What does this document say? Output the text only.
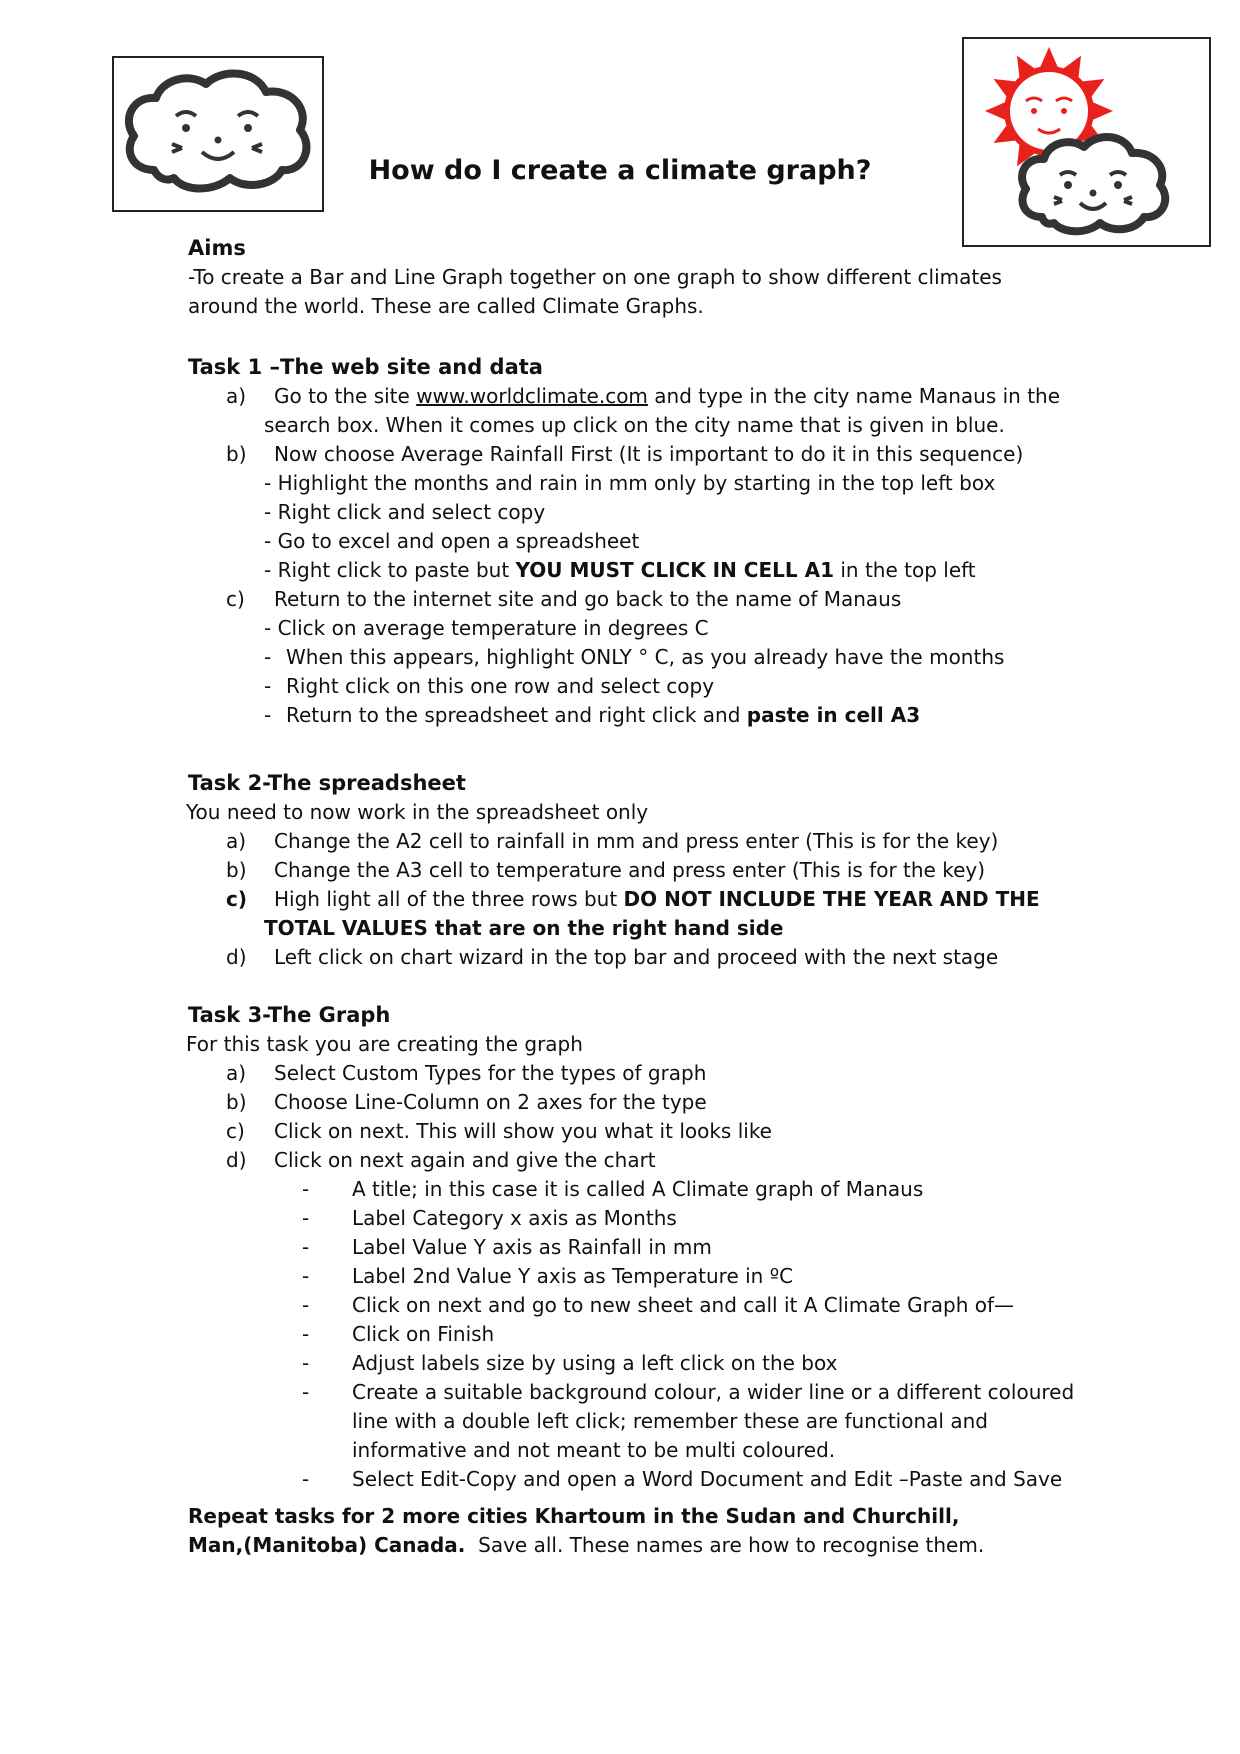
How do I create a climate graph?

Aims

-To create a Bar and Line Graph together on one graph to show different climates

around the world. These are called Climate Graphs.

Task 1 –The web site and data

a)	Go to the site www.worldclimate.com and type in the city name Manaus in the
search box. When it comes up click on the city name that is given in blue.
b)	Now choose Average Rainfall First (It is important to do it in this sequence)
- Highlight the months and rain in mm only by starting in the top left box
- Right click and select copy
- Go to excel and open a spreadsheet
- Right click to paste but YOU MUST CLICK IN CELL A1 in the top left
c)	Return to the internet site and go back to the name of Manaus
- Click on average temperature in degrees C
- When this appears, highlight ONLY ° C, as you already have the months
- Right click on this one row and select copy
- Return to the spreadsheet and right click and paste in cell A3

Task 2-The spreadsheet

You need to now work in the spreadsheet only

a)	Change the A2 cell to rainfall in mm and press enter (This is for the key)
b)	Change the A3 cell to temperature and press enter (This is for the key)
c)	High light all of the three rows but DO NOT INCLUDE THE YEAR AND THE
TOTAL VALUES that are on the right hand side
d)	Left click on chart wizard in the top bar and proceed with the next stage

Task 3-The Graph

For this task you are creating the graph

a)	Select Custom Types for the types of graph
b)	Choose Line-Column on 2 axes for the type
c)	Click on next. This will show you what it looks like
d)	Click on next again and give the chart
-	A title; in this case it is called A Climate graph of Manaus
-	Label Category x axis as Months
-	Label Value Y axis as Rainfall in mm
-	Label 2nd Value Y axis as Temperature in ºC
-	Click on next and go to new sheet and call it A Climate Graph of—
-	Click on Finish
-	Adjust labels size by using a left click on the box
-	Create a suitable background colour, a wider line or a different coloured
line with a double left click; remember these are functional and
informative and not meant to be multi coloured.
-	Select Edit-Copy and open a Word Document and Edit –Paste and Save

Repeat tasks for 2 more cities Khartoum in the Sudan and Churchill,

Man,(Manitoba) Canada.  Save all. These names are how to recognise them.
